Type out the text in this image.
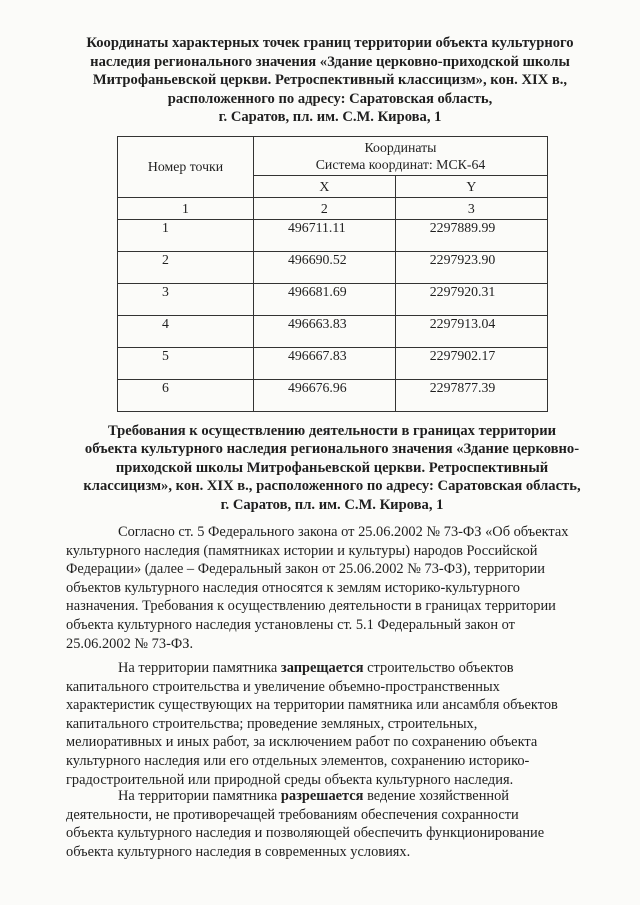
Координаты характерных точек границ территории объекта культурного
наследия регионального значения «Здание церковно-приходской школы
Митрофаньевской церкви. Ретроспективный классицизм», кон. XIX в.,
расположенного по адресу: Саратовская область,
г. Саратов, пл. им. С.М. Кирова, 1
Номер точки	Координаты
Система координат: МСК-64	
	X	Y
1	2	3
1	496711.11	2297889.99
2	496690.52	2297923.90
3	496681.69	2297920.31
4	496663.83	2297913.04
5	496667.83	2297902.17
6	496676.96	2297877.39
Требования к осуществлению деятельности в границах территории
объекта культурного наследия регионального значения «Здание церковно-
приходской школы Митрофаньевской церкви. Ретроспективный
классицизм», кон. XIX в., расположенного по адресу: Саратовская область,
г. Саратов, пл. им. С.М. Кирова, 1
Согласно ст. 5 Федерального закона от 25.06.2002 № 73-ФЗ «Об объектах
культурного наследия (памятниках истории и культуры) народов Российской
Федерации» (далее – Федеральный закон от 25.06.2002 № 73-ФЗ), территории
объектов культурного наследия относятся к землям историко-культурного
назначения. Требования к осуществлению деятельности в границах территории
объекта культурного наследия установлены ст. 5.1 Федеральный закон от
25.06.2002 № 73-ФЗ.
На территории памятника запрещается строительство объектов
капитального строительства и увеличение объемно-пространственных
характеристик существующих на территории памятника или ансамбля объектов
капитального строительства; проведение земляных, строительных,
мелиоративных и иных работ, за исключением работ по сохранению объекта
культурного наследия или его отдельных элементов, сохранению историко-
градостроительной или природной среды объекта культурного наследия.
На территории памятника разрешается ведение хозяйственной
деятельности, не противоречащей требованиям обеспечения сохранности
объекта культурного наследия и позволяющей обеспечить функционирование
объекта культурного наследия в современных условиях.
